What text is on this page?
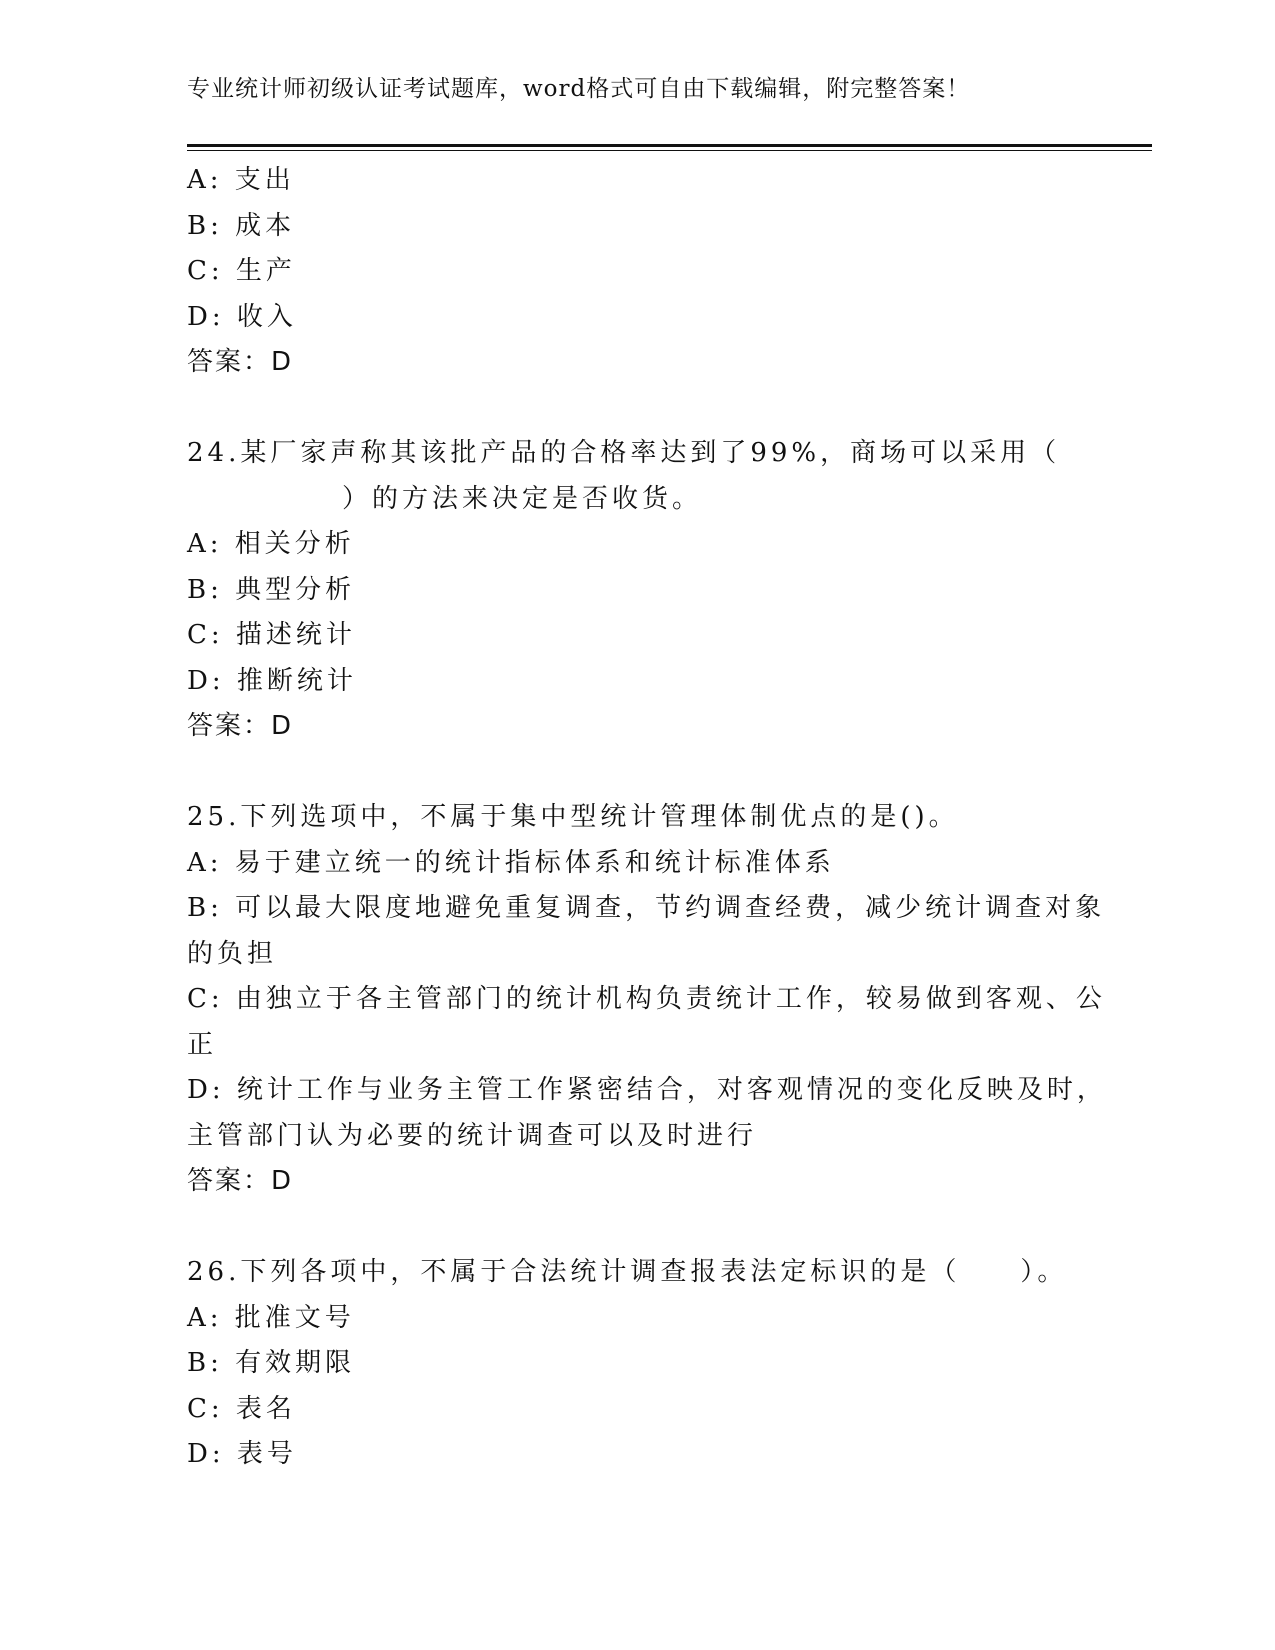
专业统计师初级认证考试题库，word格式可自由下载编辑，附完整答案！
A: 支出
B: 成本
C: 生产
D: 收入
答案：D
24.某厂家声称其该批产品的合格率达到了99%，商场可以采用（
）的方法来决定是否收货。
A: 相关分析
B: 典型分析
C: 描述统计
D: 推断统计
答案：D
25.下列选项中，不属于集中型统计管理体制优点的是()。
A: 易于建立统一的统计指标体系和统计标准体系
B: 可以最大限度地避免重复调查，节约调查经费，减少统计调查对象
的负担
C: 由独立于各主管部门的统计机构负责统计工作，较易做到客观、公
正
D: 统计工作与业务主管工作紧密结合，对客观情况的变化反映及时，
主管部门认为必要的统计调查可以及时进行
答案：D
26.下列各项中，不属于合法统计调查报表法定标识的是（　　）。
A: 批准文号
B: 有效期限
C: 表名
D: 表号
